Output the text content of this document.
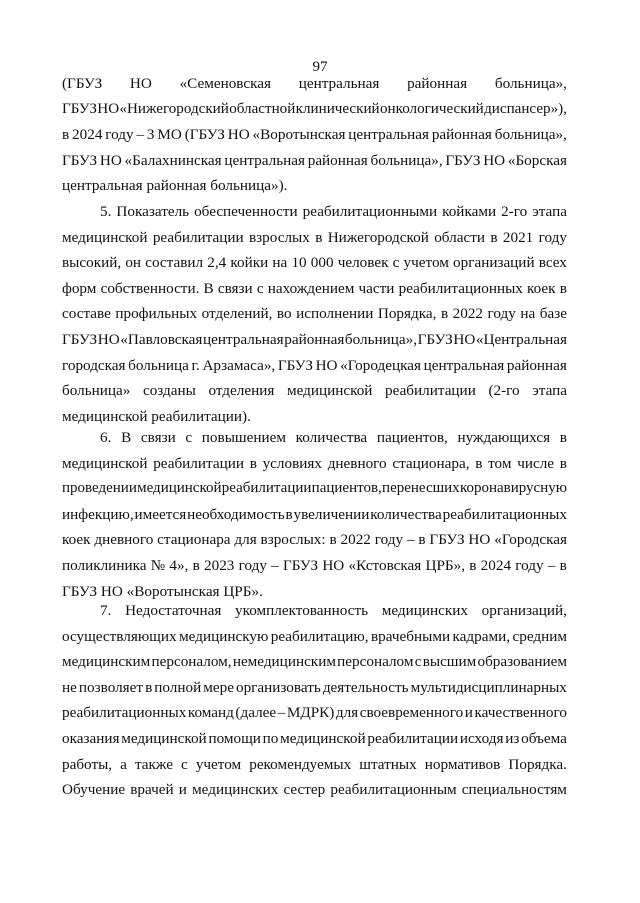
97
(ГБУЗ НО «Семеновская центральная районная больница»,
ГБУЗ НО «Нижегородский областной клинический онкологический диспансер»),
в 2024 году – 3 МО (ГБУЗ НО «Воротынская центральная районная больница»,
ГБУЗ НО «Балахнинская центральная районная больница», ГБУЗ НО «Борская
центральная районная больница»).
5. Показатель обеспеченности реабилитационными койками 2-го этапа
медицинской реабилитации взрослых в Нижегородской области в 2021 году
высокий, он составил 2,4 койки на 10 000 человек с учетом организаций всех
форм собственности. В связи с нахождением части реабилитационных коек в
составе профильных отделений, во исполнении Порядка, в 2022 году на базе
ГБУЗ НО «Павловская центральная районная больница», ГБУЗ НО «Центральная
городская больница г. Арзамаса», ГБУЗ НО «Городецкая центральная районная
больница» созданы отделения медицинской реабилитации (2-го этапа
медицинской реабилитации).
6. В связи с повышением количества пациентов, нуждающихся в
медицинской реабилитации в условиях дневного стационара, в том числе в
проведении медицинской реабилитации пациентов, перенесших коронавирусную
инфекцию, имеется необходимость в увеличении количества реабилитационных
коек дневного стационара для взрослых: в 2022 году – в ГБУЗ НО «Городская
поликлиника № 4», в 2023 году – ГБУЗ НО «Кстовская ЦРБ», в 2024 году – в
ГБУЗ НО «Воротынская ЦРБ».
7. Недостаточная укомплектованность медицинских организаций,
осуществляющих медицинскую реабилитацию, врачебными кадрами, средним
медицинским персоналом, немедицинским персоналом с высшим образованием
не позволяет в полной мере организовать деятельность мультидисциплинарных
реабилитационных команд (далее – МДРК) для своевременного и качественного
оказания медицинской помощи по медицинской реабилитации исходя из объема
работы, а также с учетом рекомендуемых штатных нормативов Порядка.
Обучение врачей и медицинских сестер реабилитационным специальностям
